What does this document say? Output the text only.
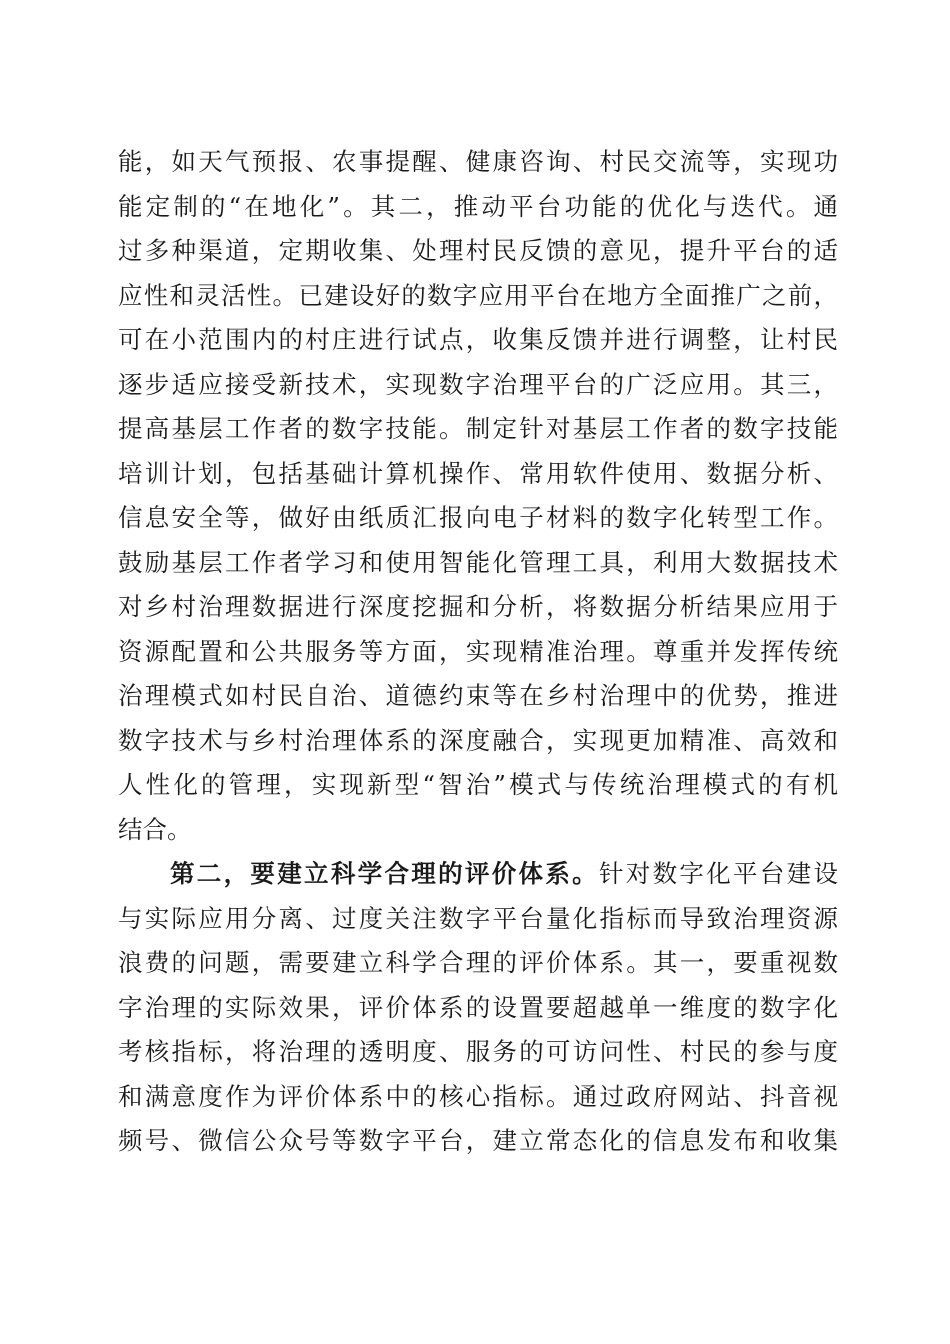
能，如天气预报、农事提醒、健康咨询、村民交流等，实现功
能定制的“在地化”。其二，推动平台功能的优化与迭代。通
过多种渠道，定期收集、处理村民反馈的意见，提升平台的适
应性和灵活性。已建设好的数字应用平台在地方全面推广之前，
可在小范围内的村庄进行试点，收集反馈并进行调整，让村民
逐步适应接受新技术，实现数字治理平台的广泛应用。其三，
提高基层工作者的数字技能。制定针对基层工作者的数字技能
培训计划，包括基础计算机操作、常用软件使用、数据分析、
信息安全等，做好由纸质汇报向电子材料的数字化转型工作。
鼓励基层工作者学习和使用智能化管理工具，利用大数据技术
对乡村治理数据进行深度挖掘和分析，将数据分析结果应用于
资源配置和公共服务等方面，实现精准治理。尊重并发挥传统
治理模式如村民自治、道德约束等在乡村治理中的优势，推进
数字技术与乡村治理体系的深度融合，实现更加精准、高效和
人性化的管理，实现新型“智治”模式与传统治理模式的有机
结合。
第二，要建立科学合理的评价体系。针对数字化平台建设
与实际应用分离、过度关注数字平台量化指标而导致治理资源
浪费的问题，需要建立科学合理的评价体系。其一，要重视数
字治理的实际效果，评价体系的设置要超越单一维度的数字化
考核指标，将治理的透明度、服务的可访问性、村民的参与度
和满意度作为评价体系中的核心指标。通过政府网站、抖音视
频号、微信公众号等数字平台，建立常态化的信息发布和收集
